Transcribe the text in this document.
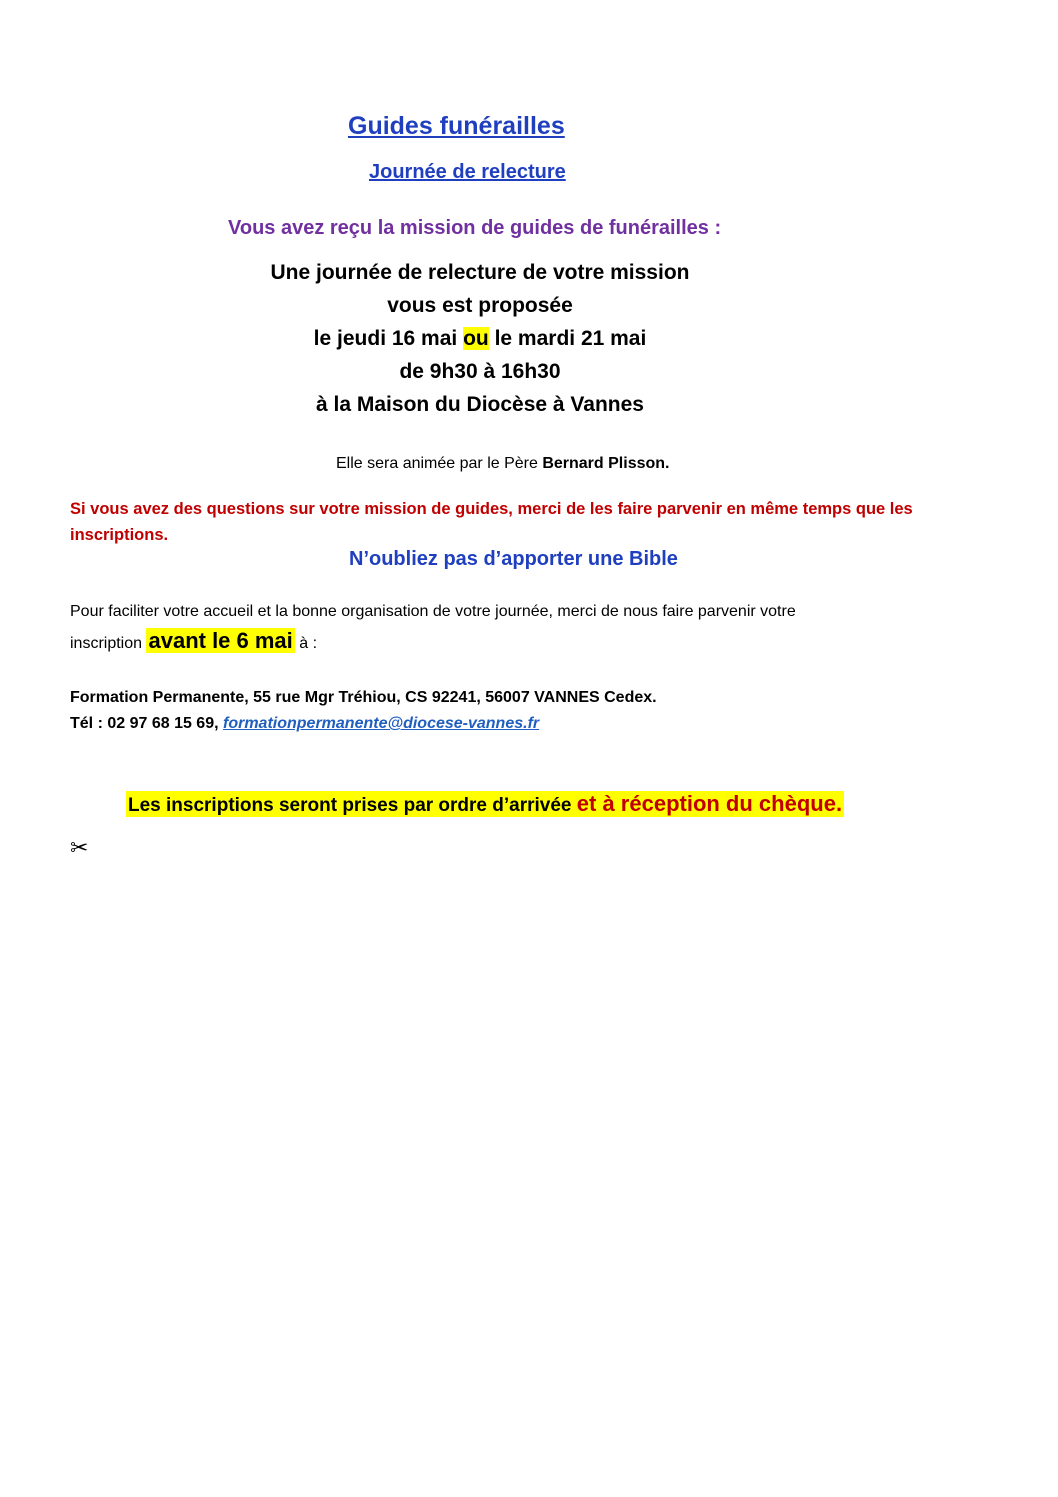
Guides funérailles
Journée de relecture
Vous avez reçu la mission de guides de funérailles :
Une journée de relecture de votre mission
vous est proposée
le jeudi 16 mai ou le mardi 21 mai
de 9h30 à 16h30
à la Maison du Diocèse à Vannes
Elle sera animée par le Père Bernard Plisson.
Si vous avez des questions sur votre mission de guides, merci de les faire parvenir en même temps que les inscriptions.
N’oubliez pas d’apporter une Bible
Pour faciliter votre accueil et la bonne organisation de votre journée, merci de nous faire parvenir votre
inscription avant le 6 mai à :
Formation Permanente, 55 rue Mgr Tréhiou, CS 92241, 56007 VANNES Cedex.
Tél : 02 97 68 15 69, formationpermanente@diocese-vannes.fr
Les inscriptions seront prises par ordre d’arrivée et à réception du chèque.
✂
